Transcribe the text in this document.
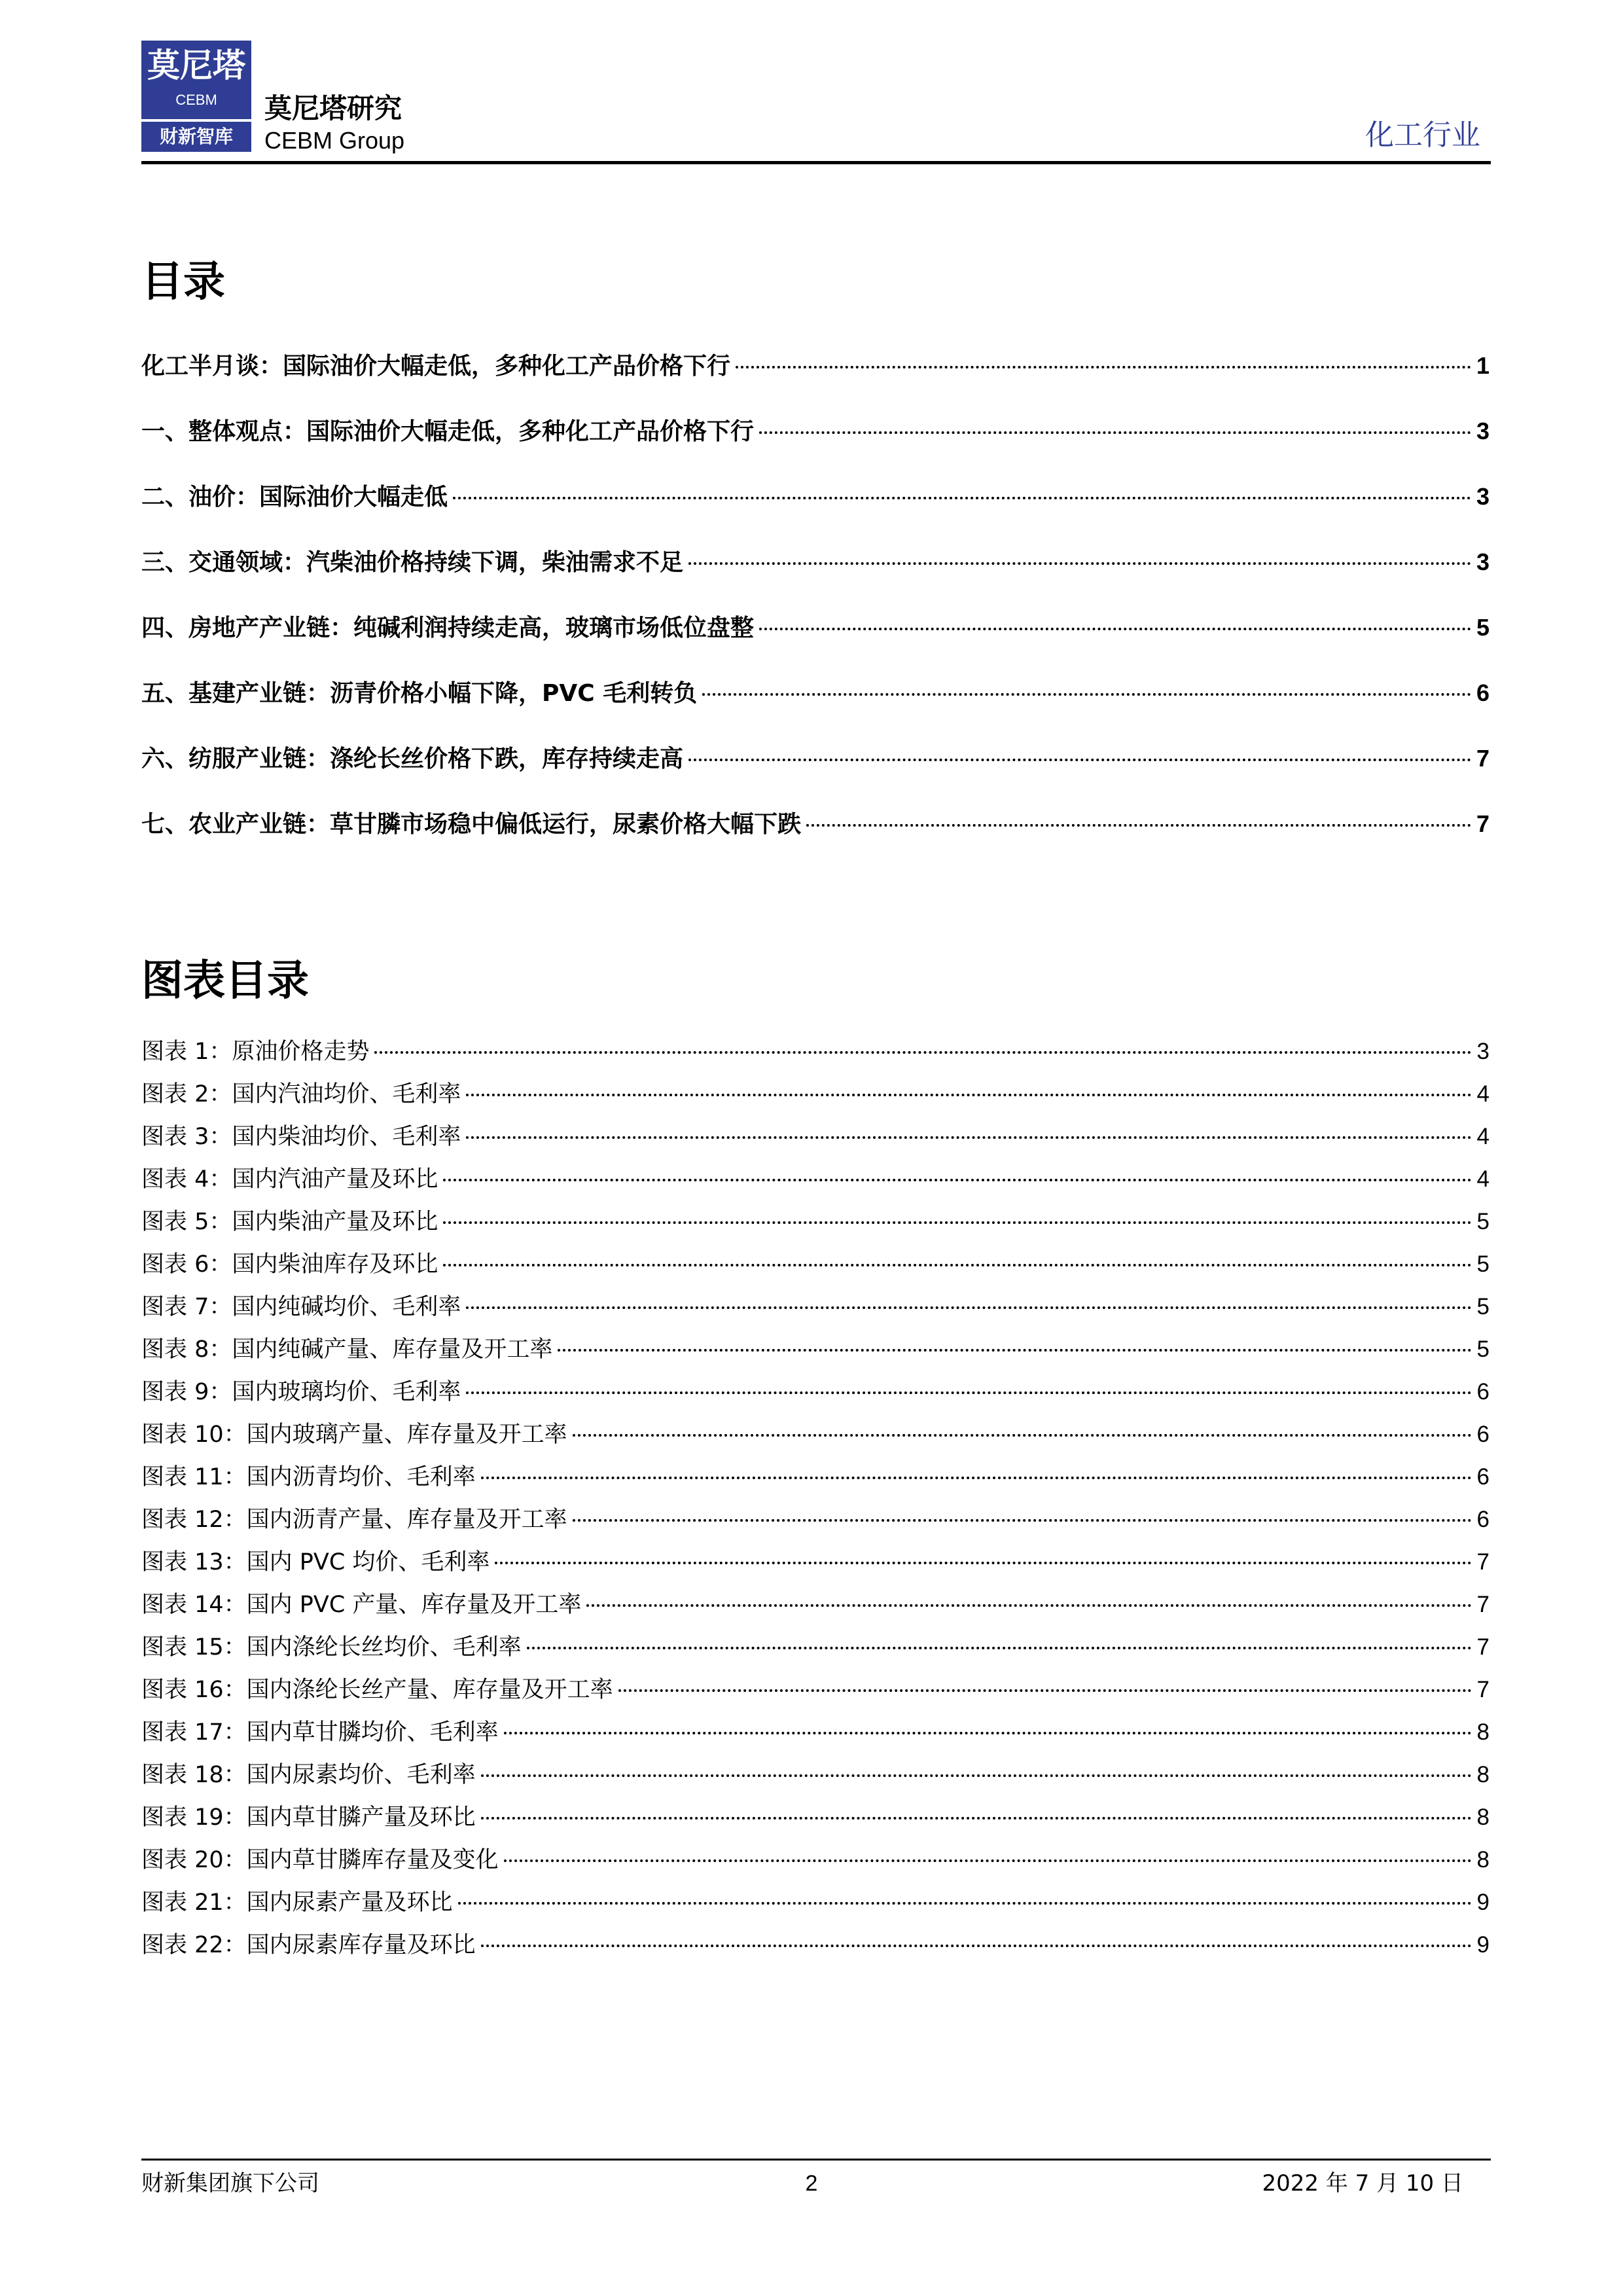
莫尼塔
CEBM
财新智库
莫尼塔研究
CEBM Group	化工行业
目录
化工半月谈：国际油价大幅走低，多种化工产品价格下行	1
一、整体观点：国际油价大幅走低，多种化工产品价格下行	3
二、油价：国际油价大幅走低	3
三、交通领域：汽柴油价格持续下调，柴油需求不足	3
四、房地产产业链：纯碱利润持续走高，玻璃市场低位盘整	5
五、基建产业链：沥青价格小幅下降，PVC 毛利转负	6
六、纺服产业链：涤纶长丝价格下跌，库存持续走高	7
七、农业产业链：草甘膦市场稳中偏低运行，尿素价格大幅下跌	7
图表目录
图表 1：原油价格走势	3
图表 2：国内汽油均价、毛利率	4
图表 3：国内柴油均价、毛利率	4
图表 4：国内汽油产量及环比	4
图表 5：国内柴油产量及环比	5
图表 6：国内柴油库存及环比	5
图表 7：国内纯碱均价、毛利率	5
图表 8：国内纯碱产量、库存量及开工率	5
图表 9：国内玻璃均价、毛利率	6
图表 10：国内玻璃产量、库存量及开工率	6
图表 11：国内沥青均价、毛利率	6
图表 12：国内沥青产量、库存量及开工率	6
图表 13：国内 PVC 均价、毛利率	7
图表 14：国内 PVC 产量、库存量及开工率	7
图表 15：国内涤纶长丝均价、毛利率	7
图表 16：国内涤纶长丝产量、库存量及开工率	7
图表 17：国内草甘膦均价、毛利率	8
图表 18：国内尿素均价、毛利率	8
图表 19：国内草甘膦产量及环比	8
图表 20：国内草甘膦库存量及变化	8
图表 21：国内尿素产量及环比	9
图表 22：国内尿素库存量及环比	9
财新集团旗下公司	2	2022 年 7 月 10 日
